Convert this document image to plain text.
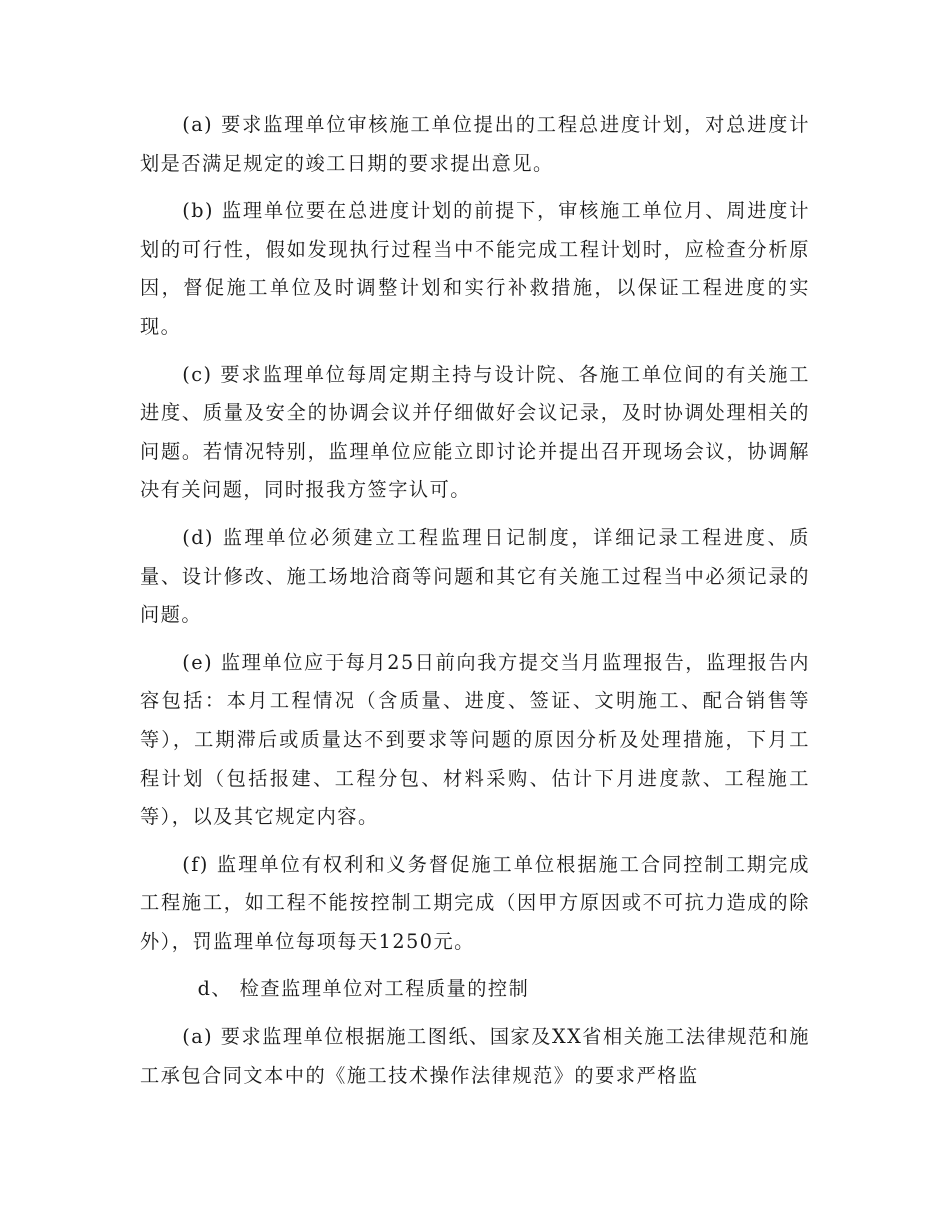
(a) 要求监理单位审核施工单位提出的工程总进度计划，对总进度计划是否满足规定的竣工日期的要求提出意见。

(b) 监理单位要在总进度计划的前提下，审核施工单位月、周进度计划的可行性，假如发现执行过程当中不能完成工程计划时，应检查分析原因，督促施工单位及时调整计划和实行补救措施，以保证工程进度的实现。

(c) 要求监理单位每周定期主持与设计院、各施工单位间的有关施工进度、质量及安全的协调会议并仔细做好会议记录，及时协调处理相关的问题。若情况特别，监理单位应能立即讨论并提出召开现场会议，协调解决有关问题，同时报我方签字认可。

(d) 监理单位必须建立工程监理日记制度，详细记录工程进度、质量、设计修改、施工场地洽商等问题和其它有关施工过程当中必须记录的问题。

(e) 监理单位应于每月25日前向我方提交当月监理报告，监理报告内容包括：本月工程情况（含质量、进度、签证、文明施工、配合销售等等），工期滞后或质量达不到要求等问题的原因分析及处理措施，下月工程计划（包括报建、工程分包、材料采购、估计下月进度款、工程施工等），以及其它规定内容。

(f) 监理单位有权利和义务督促施工单位根据施工合同控制工期完成工程施工，如工程不能按控制工期完成（因甲方原因或不可抗力造成的除外），罚监理单位每项每天1250元。

d、 检查监理单位对工程质量的控制

(a) 要求监理单位根据施工图纸、国家及XX省相关施工法律规范和施工承包合同文本中的《施工技术操作法律规范》的要求严格监
